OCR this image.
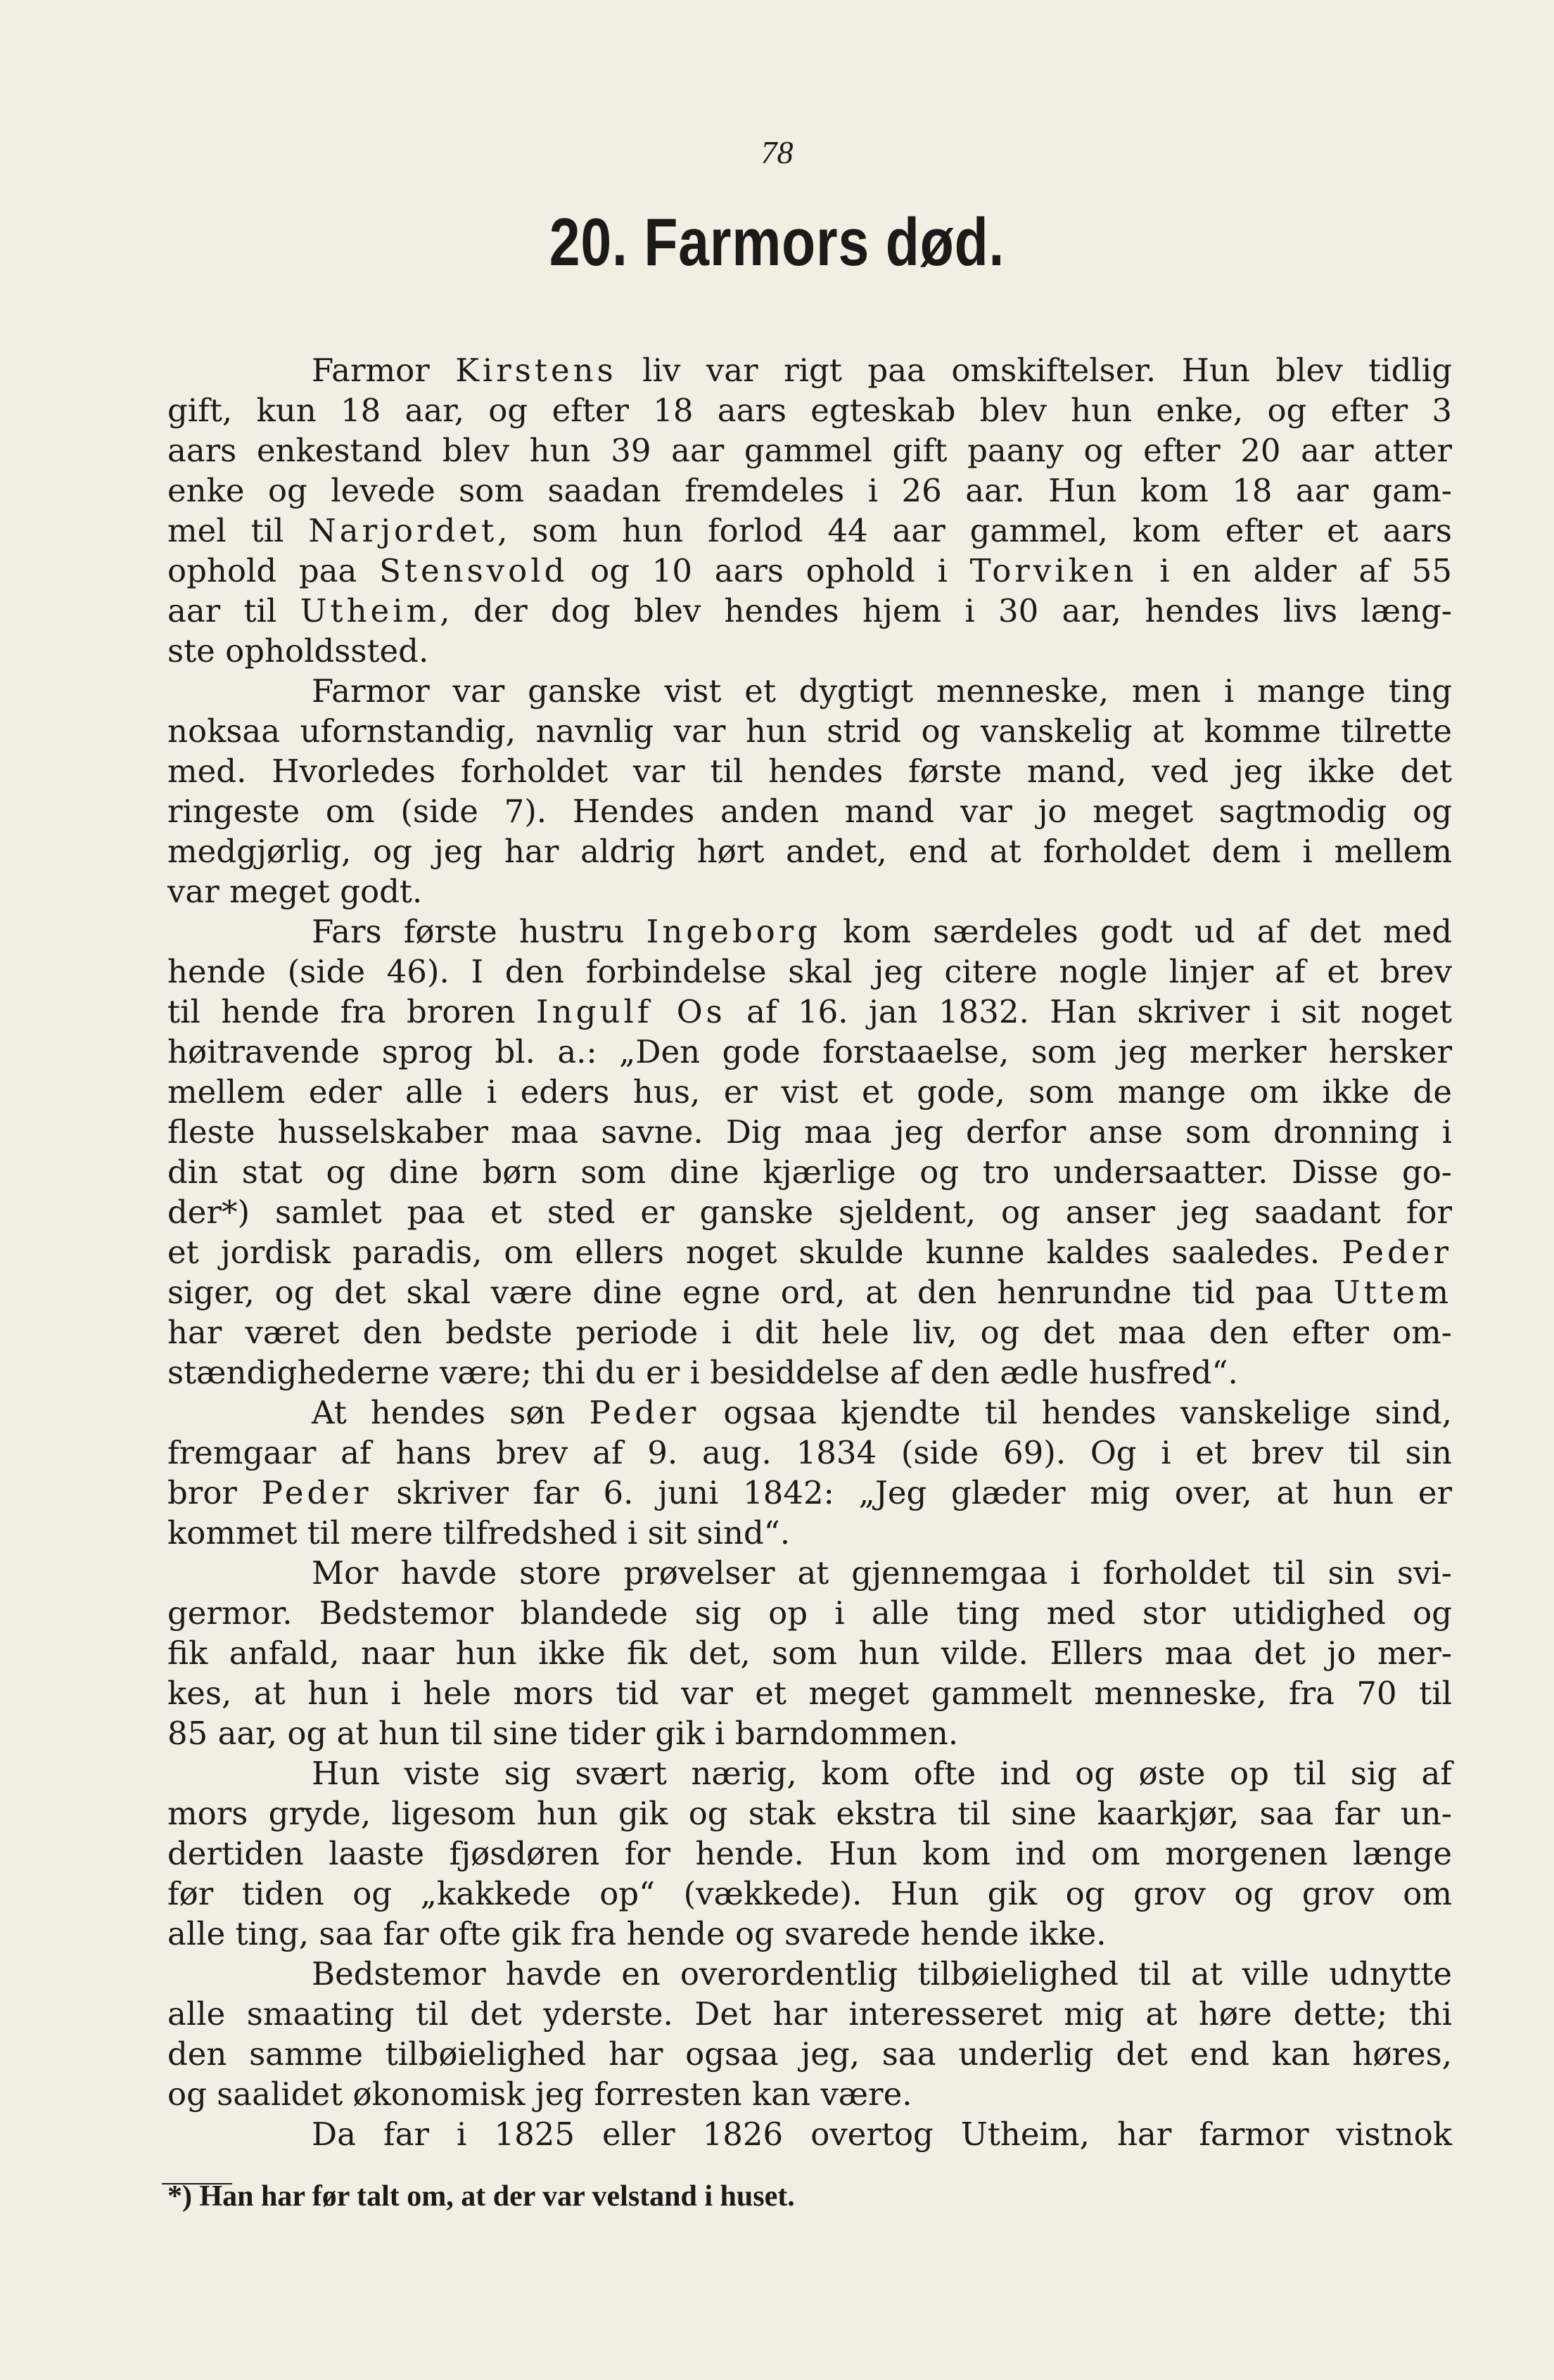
78
20. Farmors død.
Farmor Kirstens liv var rigt paa omskiftelser. Hun blev tidlig
gift, kun 18 aar, og efter 18 aars egteskab blev hun enke, og efter 3
aars enkestand blev hun 39 aar gammel gift paany og efter 20 aar atter
enke og levede som saadan fremdeles i 26 aar. Hun kom 18 aar gam-
mel til Narjordet, som hun forlod 44 aar gammel, kom efter et aars
ophold paa Stensvold og 10 aars ophold i Torviken i en alder af 55
aar til Utheim, der dog blev hendes hjem i 30 aar, hendes livs læng-
ste opholdssted.
Farmor var ganske vist et dygtigt menneske, men i mange ting
noksaa ufornstandig, navnlig var hun strid og vanskelig at komme tilrette
med. Hvorledes forholdet var til hendes første mand, ved jeg ikke det
ringeste om (side 7). Hendes anden mand var jo meget sagtmodig og
medgjørlig, og jeg har aldrig hørt andet, end at forholdet dem i mellem
var meget godt.
Fars første hustru Ingeborg kom særdeles godt ud af det med
hende (side 46). I den forbindelse skal jeg citere nogle linjer af et brev
til hende fra broren Ingulf Os af 16. jan 1832. Han skriver i sit noget
høitravende sprog bl. a.: „Den gode forstaaelse, som jeg merker hersker
mellem eder alle i eders hus, er vist et gode, som mange om ikke de
fleste husselskaber maa savne. Dig maa jeg derfor anse som dronning i
din stat og dine børn som dine kjærlige og tro undersaatter. Disse go-
der*) samlet paa et sted er ganske sjeldent, og anser jeg saadant for
et jordisk paradis, om ellers noget skulde kunne kaldes saaledes. Peder
siger, og det skal være dine egne ord, at den henrundne tid paa Uttem
har været den bedste periode i dit hele liv, og det maa den efter om-
stændighederne være; thi du er i besiddelse af den ædle husfred“.
At hendes søn Peder ogsaa kjendte til hendes vanskelige sind,
fremgaar af hans brev af 9. aug. 1834 (side 69). Og i et brev til sin
bror Peder skriver far 6. juni 1842: „Jeg glæder mig over, at hun er
kommet til mere tilfredshed i sit sind“.
Mor havde store prøvelser at gjennemgaa i forholdet til sin svi-
germor. Bedstemor blandede sig op i alle ting med stor utidighed og
fik anfald, naar hun ikke fik det, som hun vilde. Ellers maa det jo mer-
kes, at hun i hele mors tid var et meget gammelt menneske, fra 70 til
85 aar, og at hun til sine tider gik i barndommen.
Hun viste sig svært nærig, kom ofte ind og øste op til sig af
mors gryde, ligesom hun gik og stak ekstra til sine kaarkjør, saa far un-
dertiden laaste fjøsdøren for hende. Hun kom ind om morgenen længe
før tiden og „kakkede op“ (vækkede). Hun gik og grov og grov om
alle ting, saa far ofte gik fra hende og svarede hende ikke.
Bedstemor havde en overordentlig tilbøielighed til at ville udnytte
alle smaating til det yderste. Det har interesseret mig at høre dette; thi
den samme tilbøielighed har ogsaa jeg, saa underlig det end kan høres,
og saalidet økonomisk jeg forresten kan være.
Da far i 1825 eller 1826 overtog Utheim, har farmor vistnok
*) Han har før talt om, at der var velstand i huset.
